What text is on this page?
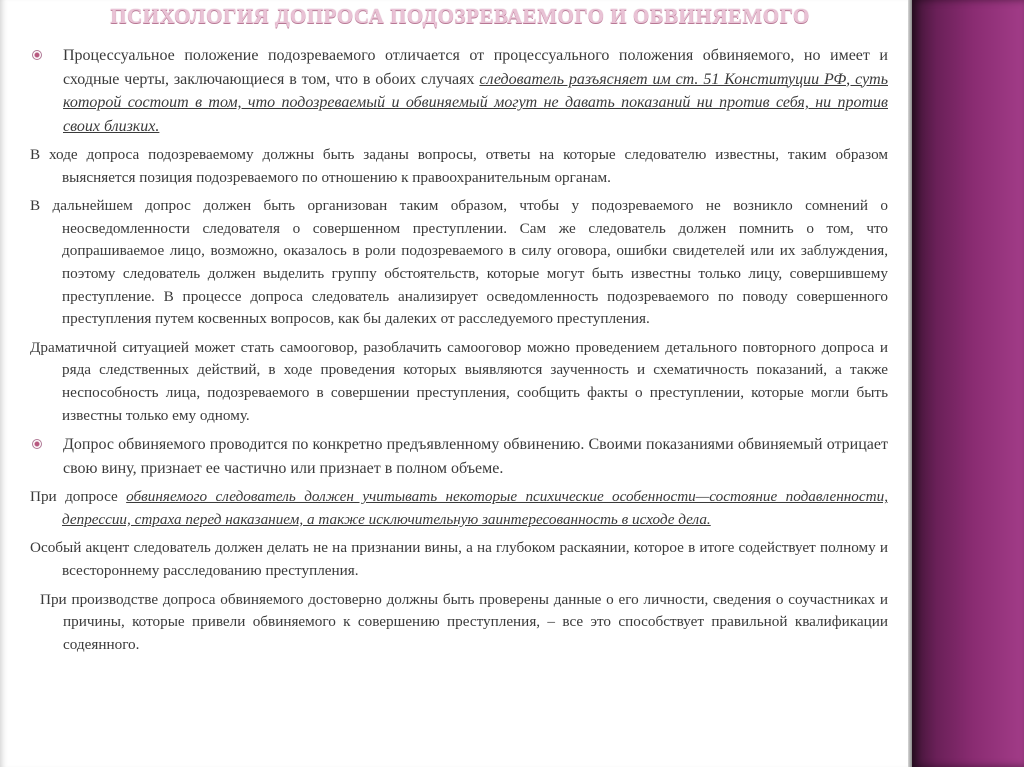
ПСИХОЛОГИЯ ДОПРОСА ПОДОЗРЕВАЕМОГО И ОБВИНЯЕМОГО

Процессуальное положение подозреваемого отличается от процессуального положения обвиняемого, но имеет и сходные черты, заключающиеся в том, что в обоих случаях следователь разъясняет им ст. 51 Конституции РФ, суть которой состоит в том, что подозреваемый и обвиняемый могут не давать показаний ни против себя, ни против своих близких.

В ходе допроса подозреваемому должны быть заданы вопросы, ответы на которые следователю известны, таким образом выясняется позиция подозреваемого по отношению к правоохранительным органам.

В дальнейшем допрос должен быть организован таким образом, чтобы у подозреваемого не возникло сомнений о неосведомленности следователя о совершенном преступлении. Сам же следователь должен помнить о том, что допрашиваемое лицо, возможно, оказалось в роли подозреваемого в силу оговора, ошибки свидетелей или их заблуждения, поэтому следователь должен выделить группу обстоятельств, которые могут быть известны только лицу, совершившему преступление. В процессе допроса следователь анализирует осведомленность подозреваемого по поводу совершенного преступления путем косвенных вопросов, как бы далеких от расследуемого преступления.

Драматичной ситуацией может стать самооговор, разоблачить самооговор можно проведением детального повторного допроса и ряда следственных действий, в ходе проведения которых выявляются заученность и схематичность показаний, а также неспособность лица, подозреваемого в совершении преступления, сообщить факты о преступлении, которые могли быть известны только ему одному.

Допрос обвиняемого проводится по конкретно предъявленному обвинению. Своими показаниями обвиняемый отрицает свою вину, признает ее частично или признает в полном объеме.

При допросе обвиняемого следователь должен учитывать некоторые психические особенности—состояние подавленности, депрессии, страха перед наказанием, а также исключительную заинтересованность в исходе дела.

Особый акцент следователь должен делать не на признании вины, а на глубоком раскаянии, которое в итоге содействует полному и всестороннему расследованию преступления.

При производстве допроса обвиняемого достоверно должны быть проверены данные о его личности, сведения о соучастниках и причины, которые привели обвиняемого к совершению преступления, – все это способствует правильной квалификации содеянного.
